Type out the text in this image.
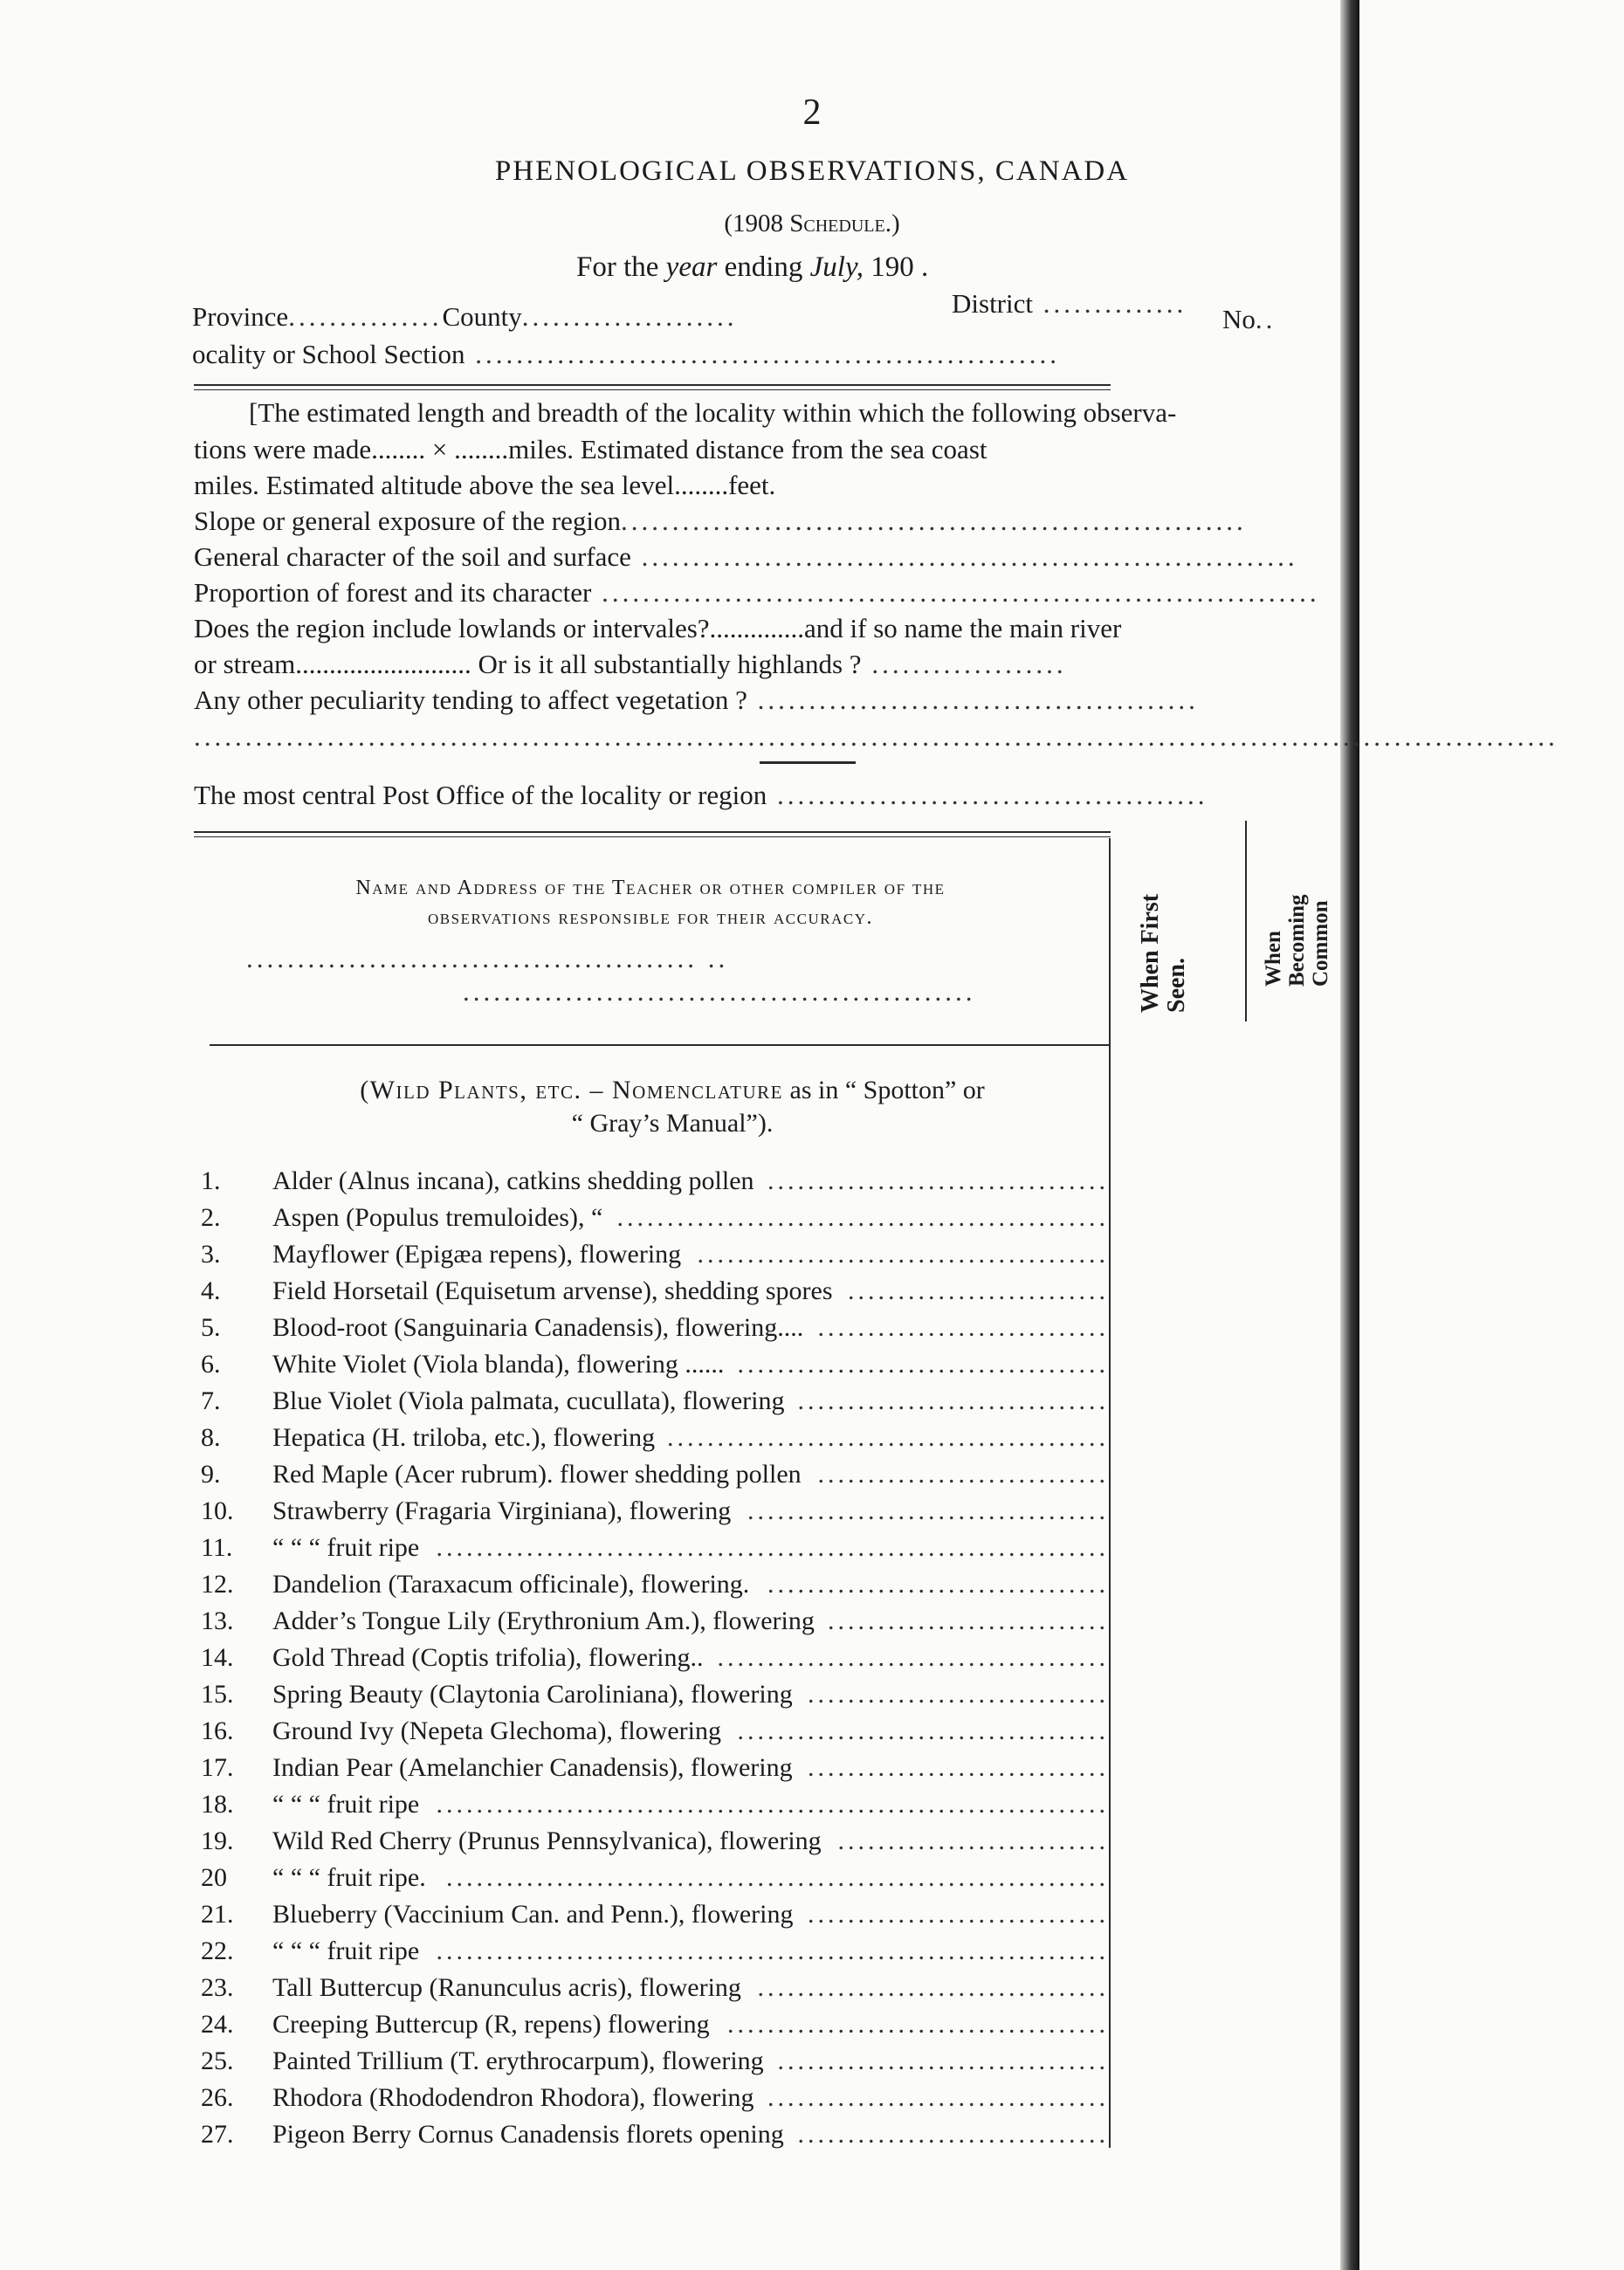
2
PHENOLOGICAL OBSERVATIONS, CANADA
(1908 Schedule.)
For the year ending July, 190 .
Province...............County.....................	District ..............
No..
ocality or School Section .........................................................
[The estimated length and breadth of the locality within which the following observa-
tions were made........ × ........miles. Estimated distance from the sea coast
miles. Estimated altitude above the sea level........feet.
Slope or general exposure of the region.............................................................
General character of the soil and surface ................................................................
Proportion of forest and its character ......................................................................
Does the region include lowlands or intervales?..............and if so name the main river
or stream.......................... Or is it all substantially highlands ? ...................
Any other peculiarity tending to affect vegetation ? ...........................................
.....................................................................................................................................
The most central Post Office of the locality or region ..........................................
Name and Address of the Teacher or other compiler of the
observations responsible for their accuracy.
............................................ ..
..................................................	When First Seen.	When Becoming Common
(Wild Plants, etc. – Nomenclature as in “ Spotton” or
“ Gray’s Manual”).
1. Alder (Alnus incana), catkins shedding pollen ..................................
2. Aspen (Populus tremuloides), “ .................................................
3. Mayflower (Epigæa repens), flowering .........................................
4. Field Horsetail (Equisetum arvense), shedding spores ..........................
5. Blood-root (Sanguinaria Canadensis), flowering.... .............................
6. White Violet (Viola blanda), flowering ...... .....................................
7. Blue Violet (Viola palmata, cucullata), flowering ...............................
8. Hepatica (H. triloba, etc.), flowering ............................................
9. Red Maple (Acer rubrum). flower shedding pollen .............................
10. Strawberry (Fragaria Virginiana), flowering ....................................
11.“ “ “ fruit ripe ...................................................................
12. Dandelion (Taraxacum officinale), flowering. ..................................
13. Adder’s Tongue Lily (Erythronium Am.), flowering ............................
14. Gold Thread (Coptis trifolia), flowering.. .......................................
15. Spring Beauty (Claytonia Caroliniana), flowering ..............................
16. Ground Ivy (Nepeta Glechoma), flowering .....................................
17. Indian Pear (Amelanchier Canadensis), flowering ..............................
18.“ “ “ fruit ripe ...................................................................
19. Wild Red Cherry (Prunus Pennsylvanica), flowering ...........................
20“ “ “ fruit ripe. ..................................................................
21. Blueberry (Vaccinium Can. and Penn.), flowering ..............................
22.“ “ “ fruit ripe ...................................................................
23. Tall Buttercup (Ranunculus acris), flowering ...................................
24. Creeping Buttercup (R, repens) flowering ......................................
25. Painted Trillium (T. erythrocarpum), flowering .................................
26. Rhodora (Rhododendron Rhodora), flowering ..................................
27. Pigeon Berry Cornus Canadensis florets opening ...............................
